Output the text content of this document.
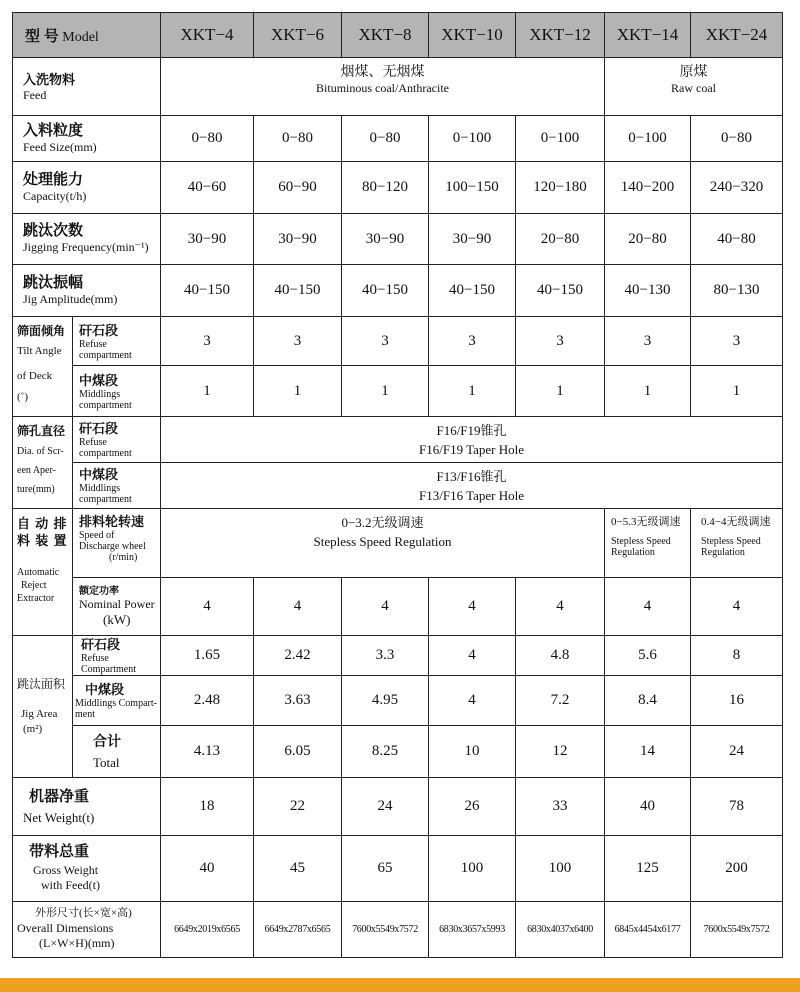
型 号 Model		XKT−4	XKT−6	XKT−8	XKT−10	XKT−12	XKT−14	XKT−24

入洗物料
Feed		烟煤、无烟煤
Bituminous coal/Anthracite					原煤
Raw coal	

入料粒度
Feed Size(mm)		0−80	0−80	0−80	0−100	0−100	0−100	0−80

处理能力
Capacity(t/h)		40−60	60−90	80−120	100−150	120−180	140−200	240−320

跳汰次数
Jigging Frequency(min⁻¹)		30−90	30−90	30−90	30−90	20−80	20−80	40−80

跳汰振幅
Jig Amplitude(mm)		40−150	40−150	40−150	40−150	40−150	40−130	80−130

筛面倾角
Tilt Angle
of Deck
(˚)	矸石段
Refuse
compartment	3	3	3	3	3	3	3

	中煤段
Middlings
compartment	1	1	1	1	1	1	1

筛孔直径
Dia. of Scr-
een Aper-
ture(mm)	矸石段
Refuse
compartment	F16/F19锥孔
F16/F19 Taper Hole						

	中煤段
Middlings
compartment	F13/F16锥孔
F13/F16 Taper Hole						

自 动 排
料 装 置
Automatic
Reject
Extractor	排料轮转速
Speed of
Discharge wheel
(r/min)	0−3.2无级调速
Stepless Speed Regulation					0−5.3无级调速
Stepless Speed
Regulation	0.4−4无级调速
Stepless Speed
Regulation

	额定功率
Nominal Power
(kW)	4	4	4	4	4	4	4

跳汰面积
Jig Area
(m²)	矸石段
Refuse
Compartment	1.65	2.42	3.3	4	4.8	5.6	8

	中煤段
Middlings Compart-ment	2.48	3.63	4.95	4	7.2	8.4	16

	合计
Total	4.13	6.05	8.25	10	12	14	24

机器净重
Net Weight(t)		18	22	24	26	33	40	78

带料总重
Gross Weight
with Feed(t)		40	45	65	100	100	125	200

外形尺寸(长×宽×高)
Overall Dimensions
(L×W×H)(mm)		6649x2019x6565	6649x2787x6565	7600x5549x7572	6830x3657x5993	6830x4037x6400	6845x4454x6177	7600x5549x7572
